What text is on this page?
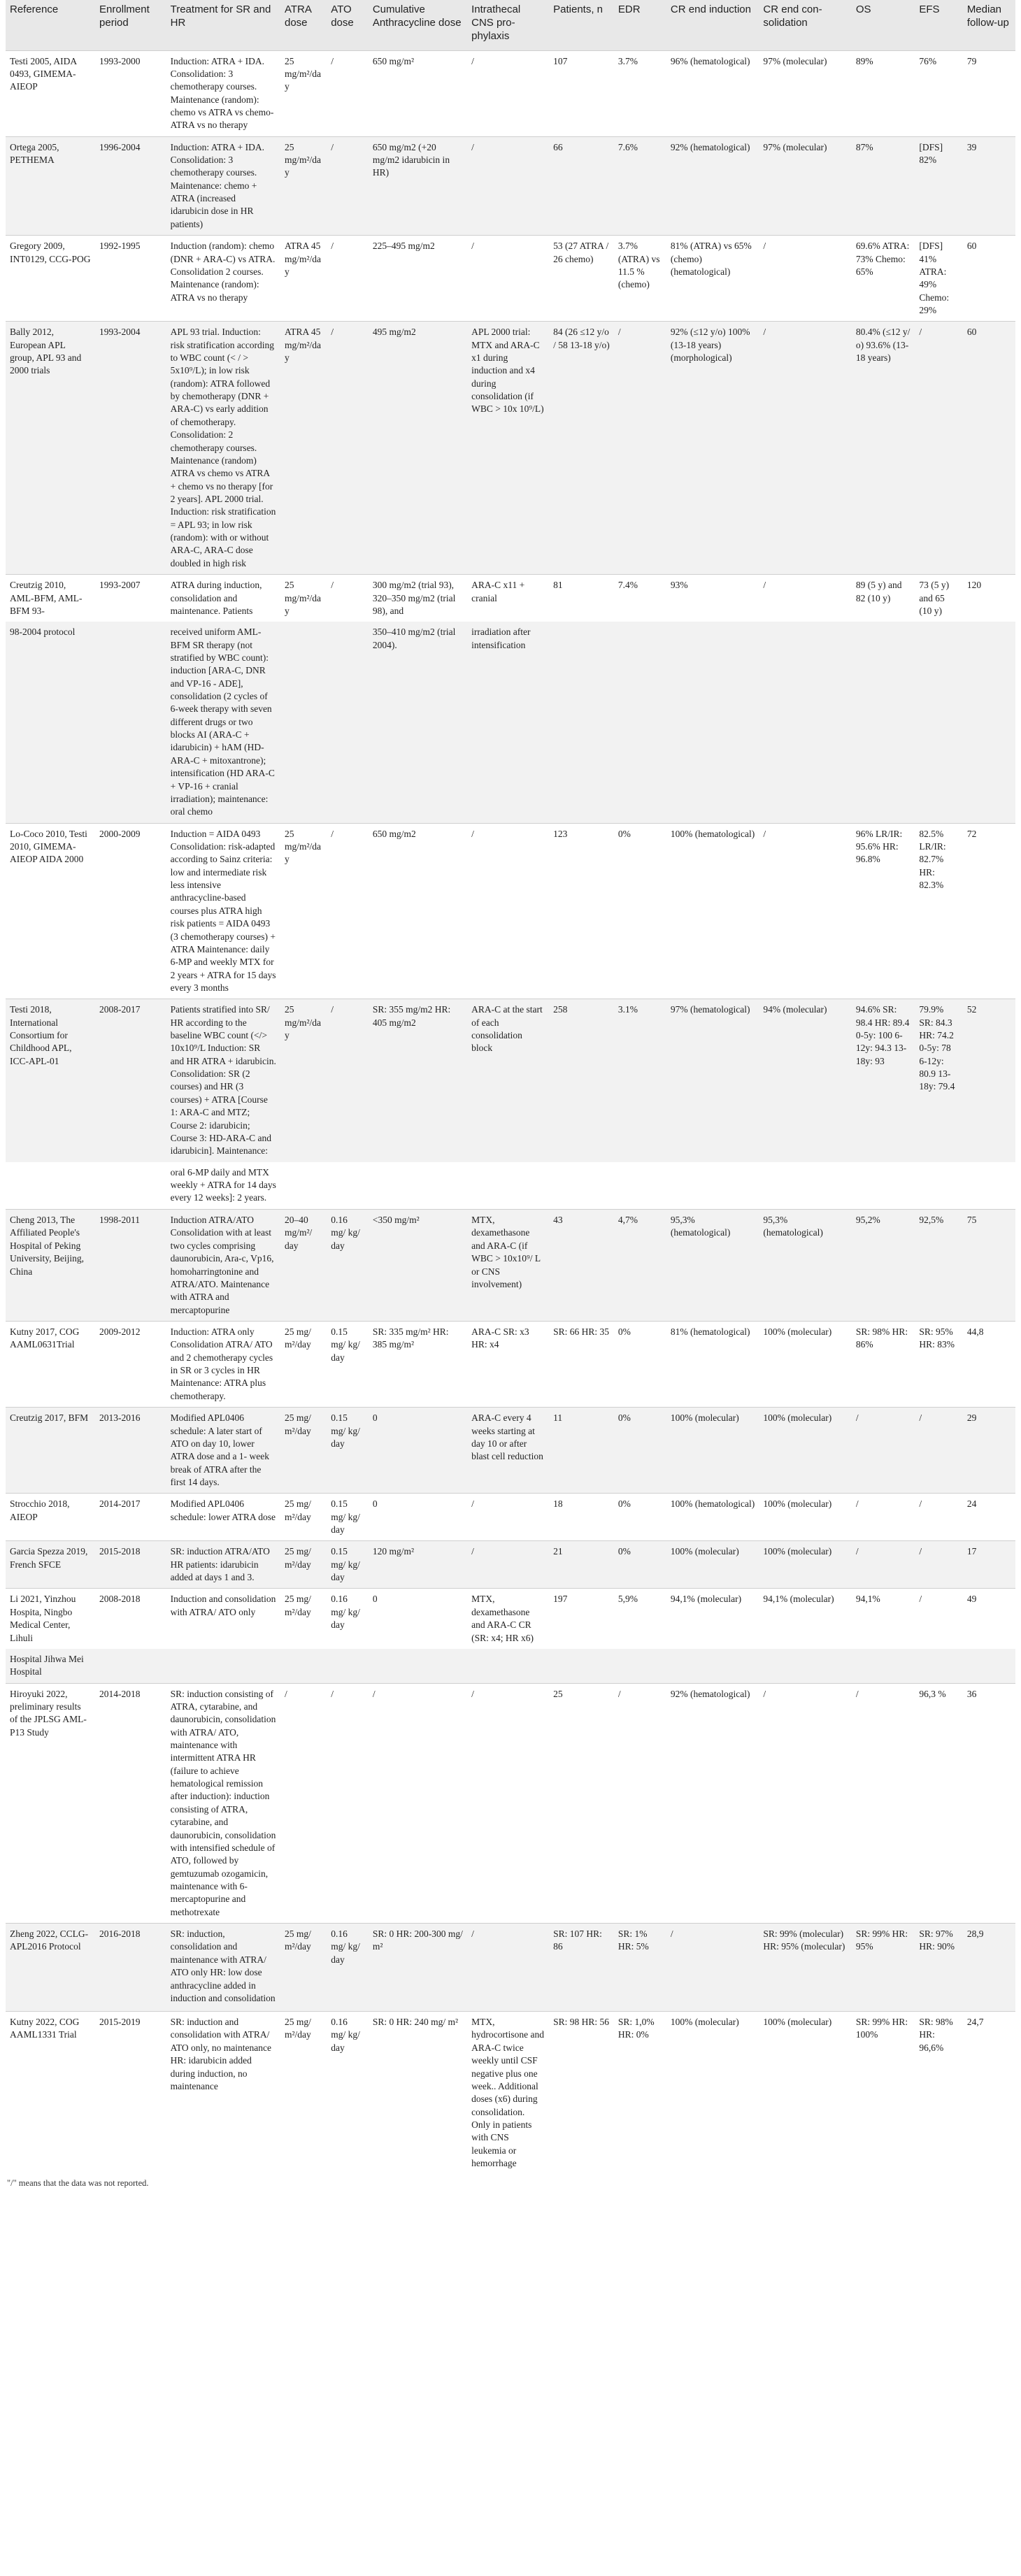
Reference	Enrollment period	Treatment for SR and HR	ATRA dose	ATO dose	Cumulative Anthracycline dose	Intrathecal CNS pro-phylaxis	Patients, n	EDR	CR end induction	CR end con-solidation	OS	EFS	Median follow-up
Testi 2005, AIDA 0493, GIMEMA-AIEOP	1993-2000	Induction: ATRA + IDA. Consolidation: 3 chemotherapy courses. Maintenance (random): chemo vs ATRA vs chemo-ATRA vs no therapy	25 mg/m²/day	/	650 mg/m²	/	107	3.7%	96% (hematological)	97% (molecular)	89%	76%	79
Ortega 2005, PETHEMA	1996-2004	Induction: ATRA + IDA. Consolidation: 3 chemotherapy courses. Maintenance: chemo + ATRA (increased idarubicin dose in HR patients)	25 mg/m²/day	/	650 mg/m2 (+20 mg/m2 idarubicin in HR)	/	66	7.6%	92% (hematological)	97% (molecular)	87%	[DFS] 82%	39
Gregory 2009, INT0129, CCG-POG	1992-1995	Induction (random): chemo (DNR + ARA-C) vs ATRA. Consolidation 2 courses. Maintenance (random): ATRA vs no therapy	ATRA 45 mg/m²/day	/	225–495 mg/m2	/	53 (27 ATRA / 26 chemo)	3.7% (ATRA) vs 11.5 % (chemo)	81% (ATRA) vs 65% (chemo) (hematological)	/	69.6% ATRA: 73% Chemo: 65%	[DFS] 41% ATRA: 49% Chemo: 29%	60
Bally 2012, European APL group, APL 93 and 2000 trials	1993-2004	APL 93 trial. Induction: risk stratification according to WBC count (< / > 5x10⁹/L); in low risk (random): ATRA followed by chemotherapy (DNR + ARA-C) vs early addition of chemotherapy. Consolidation: 2 chemotherapy courses. Maintenance (random) ATRA vs chemo vs ATRA + chemo vs no therapy [for 2 years]. APL 2000 trial. Induction: risk stratification = APL 93; in low risk (random): with or without ARA-C, ARA-C dose doubled in high risk	ATRA 45 mg/m²/day	/	495 mg/m2	APL 2000 trial: MTX and ARA-C x1 during induction and x4 during consolidation (if WBC > 10x 10⁹/L)	84 (26 ≤12 y/o / 58 13-18 y/o)	/	92% (≤12 y/o) 100% (13-18 years) (morphological)	/	80.4% (≤12 y/ o) 93.6% (13-18 years)	/	60
Creutzig 2010, AML-BFM, AML-BFM 93-	1993-2007	ATRA during induction, consolidation and maintenance. Patients	25 mg/m²/day	/	300 mg/m2 (trial 93), 320–350 mg/m2 (trial 98), and	ARA-C x11 + cranial	81	7.4%	93%	/	89 (5 y) and 82 (10 y)	73 (5 y) and 65 (10 y)	120
98-2004 protocol		received uniform AML-BFM SR therapy (not stratified by WBC count): induction [ARA-C, DNR and VP-16 - ADE], consolidation (2 cycles of 6-week therapy with seven different drugs or two blocks AI (ARA-C + idarubicin) + hAM (HD-ARA-C + mitoxantrone); intensification (HD ARA-C + VP-16 + cranial irradiation); maintenance: oral chemo			350–410 mg/m2 (trial 2004).	irradiation after intensification							
Lo-Coco 2010, Testi 2010, GIMEMA-AIEOP AIDA 2000	2000-2009	Induction = AIDA 0493 Consolidation: risk-adapted according to Sainz criteria: low and intermediate risk less intensive anthracycline-based courses plus ATRA high risk patients = AIDA 0493 (3 chemotherapy courses) + ATRA Maintenance: daily 6-MP and weekly MTX for 2 years + ATRA for 15 days every 3 months	25 mg/m²/day	/	650 mg/m2	/	123	0%	100% (hematological)	/	96% LR/IR: 95.6% HR: 96.8%	82.5% LR/IR: 82.7% HR: 82.3%	72
Testi 2018, International Consortium for Childhood APL, ICC-APL-01	2008-2017	Patients stratified into SR/ HR according to the baseline WBC count (</> 10x10⁹/L Induction: SR and HR ATRA + idarubicin. Consolidation: SR (2 courses) and HR (3 courses) + ATRA [Course 1: ARA-C and MTZ; Course 2: idarubicin; Course 3: HD-ARA-C and idarubicin]. Maintenance:	25 mg/m²/day	/	SR: 355 mg/m2 HR: 405 mg/m2	ARA-C at the start of each consolidation block	258	3.1%	97% (hematological)	94% (molecular)	94.6% SR: 98.4 HR: 89.4 0-5y: 100 6-12y: 94.3 13-18y: 93	79.9% SR: 84.3 HR: 74.2 0-5y: 78 6-12y: 80.9 13-18y: 79.4	52
		oral 6-MP daily and MTX weekly + ATRA for 14 days every 12 weeks]: 2 years.											
Cheng 2013, The Affiliated People's Hospital of Peking University, Beijing, China	1998-2011	Induction ATRA/ATO Consolidation with at least two cycles comprising daunorubicin, Ara-c, Vp16, homoharringtonine and ATRA/ATO. Maintenance with ATRA and mercaptopurine	20–40 mg/m²/ day	0.16 mg/ kg/ day	<350 mg/m²	MTX, dexamethasone and ARA-C (if WBC > 10x10⁹/ L or CNS involvement)	43	4,7%	95,3% (hematological)	95,3% (hematological)	95,2%	92,5%	75
Kutny 2017, COG AAML0631Trial	2009-2012	Induction: ATRA only Consolidation ATRA/ ATO and 2 chemotherapy cycles in SR or 3 cycles in HR Maintenance: ATRA plus chemotherapy.	25 mg/ m²/day	0.15 mg/ kg/ day	SR: 335 mg/m² HR: 385 mg/m²	ARA-C SR: x3 HR: x4	SR: 66 HR: 35	0%	81% (hematological)	100% (molecular)	SR: 98% HR: 86%	SR: 95% HR: 83%	44,8
Creutzig 2017, BFM	2013-2016	Modified APL0406 schedule: A later start of ATO on day 10, lower ATRA dose and a 1- week break of ATRA after the first 14 days.	25 mg/ m²/day	0.15 mg/ kg/ day	0	ARA-C every 4 weeks starting at day 10 or after blast cell reduction	11	0%	100% (molecular)	100% (molecular)	/	/	29
Strocchio 2018, AIEOP	2014-2017	Modified APL0406 schedule: lower ATRA dose	25 mg/ m²/day	0.15 mg/ kg/ day	0	/	18	0%	100% (hematological)	100% (molecular)	/	/	24
Garcia Spezza 2019, French SFCE	2015-2018	SR: induction ATRA/ATO HR patients: idarubicin added at days 1 and 3.	25 mg/ m²/day	0.15 mg/ kg/ day	120 mg/m²	/	21	0%	100% (molecular)	100% (molecular)	/	/	17
Li 2021, Yinzhou Hospita, Ningbo Medical Center, Lihuli	2008-2018	Induction and consolidation with ATRA/ ATO only	25 mg/ m²/day	0.16 mg/ kg/ day	0	MTX, dexamethasone and ARA-C CR (SR: x4; HR x6)	197	5,9%	94,1% (molecular)	94,1% (molecular)	94,1%	/	49
Hospital Jihwa Mei Hospital													
Hiroyuki 2022, preliminary results of the JPLSG AML-P13 Study	2014-2018	SR: induction consisting of ATRA, cytarabine, and daunorubicin, consolidation with ATRA/ ATO, maintenance with intermittent ATRA HR (failure to achieve hematological remission after induction): induction consisting of ATRA, cytarabine, and daunorubicin, consolidation with intensified schedule of ATO, followed by gemtuzumab ozogamicin, maintenance with 6-mercaptopurine and methotrexate	/	/	/	/	25	/	92% (hematological)	/	/	96,3 %	36
Zheng 2022, CCLG-APL2016 Protocol	2016-2018	SR: induction, consolidation and maintenance with ATRA/ ATO only HR: low dose anthracycline added in induction and consolidation	25 mg/ m²/day	0.16 mg/ kg/ day	SR: 0 HR: 200-300 mg/ m²	/	SR: 107 HR: 86	SR: 1% HR: 5%	/	SR: 99% (molecular) HR: 95% (molecular)	SR: 99% HR: 95%	SR: 97% HR: 90%	28,9
Kutny 2022, COG AAML1331 Trial	2015-2019	SR: induction and consolidation with ATRA/ ATO only, no maintenance HR: idarubicin added during induction, no maintenance	25 mg/ m²/day	0.16 mg/ kg/ day	SR: 0 HR: 240 mg/ m²	MTX, hydrocortisone and ARA-C twice weekly until CSF negative plus one week.. Additional doses (x6) during consolidation. Only in patients with CNS leukemia or hemorrhage	SR: 98 HR: 56	SR: 1,0% HR: 0%	100% (molecular)	100% (molecular)	SR: 99% HR: 100%	SR: 98% HR: 96,6%	24,7
"/" means that the data was not reported.
